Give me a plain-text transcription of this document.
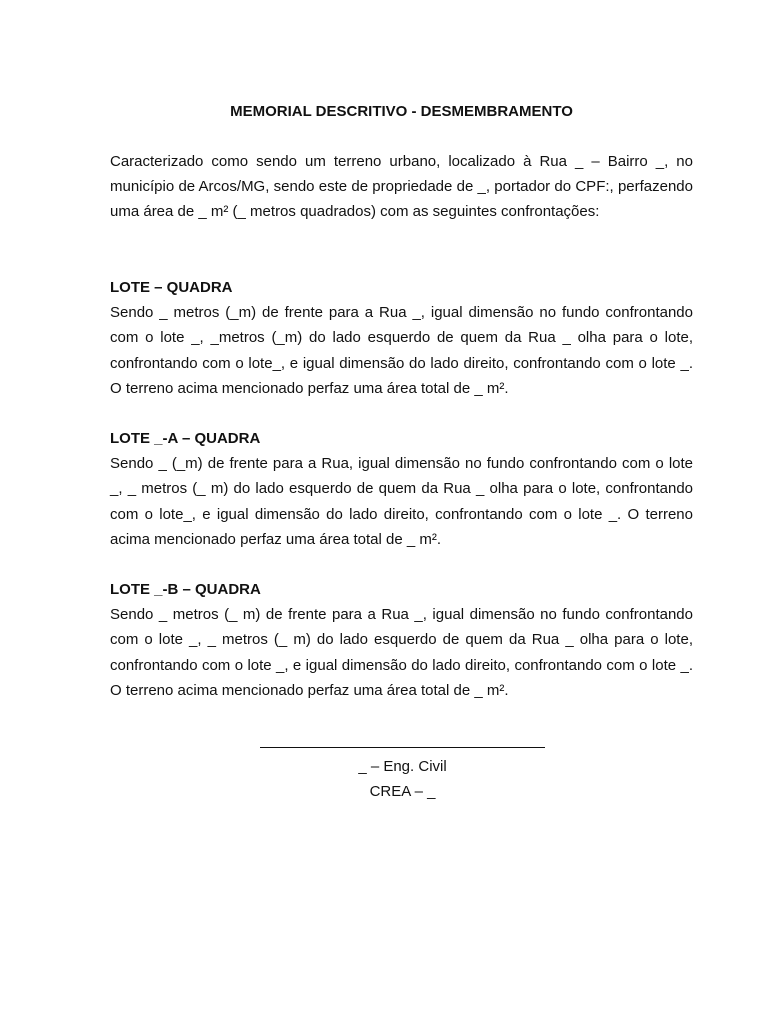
MEMORIAL DESCRITIVO - DESMEMBRAMENTO

Caracterizado como sendo um terreno urbano, localizado à Rua _ – Bairro _, no município de Arcos/MG, sendo este de propriedade de _, portador do CPF:, perfazendo uma área de _ m² (_ metros quadrados) com as seguintes confrontações:

LOTE – QUADRA

Sendo _ metros (_m) de frente para a Rua _, igual dimensão no fundo confrontando com o lote _, _metros (_m) do lado esquerdo de quem da Rua _ olha para o lote, confrontando com o lote_, e igual dimensão do lado direito, confrontando com o lote _. O terreno acima mencionado perfaz uma área total de _ m².

LOTE _-A – QUADRA

Sendo _ (_m) de frente para a Rua, igual dimensão no fundo confrontando com o lote _, _ metros (_ m) do lado esquerdo de quem da Rua _ olha para o lote, confrontando com o lote_, e igual dimensão do lado direito, confrontando com o lote _. O terreno acima mencionado perfaz uma área total de _ m².

LOTE _-B – QUADRA

Sendo _ metros (_ m) de frente para a Rua _, igual dimensão no fundo confrontando com o lote _, _ metros (_ m) do lado esquerdo de quem da Rua _ olha para o lote, confrontando com o lote _, e igual dimensão do lado direito, confrontando com o lote _. O terreno acima mencionado perfaz uma área total de _ m².

_ – Eng. Civil

CREA – _
